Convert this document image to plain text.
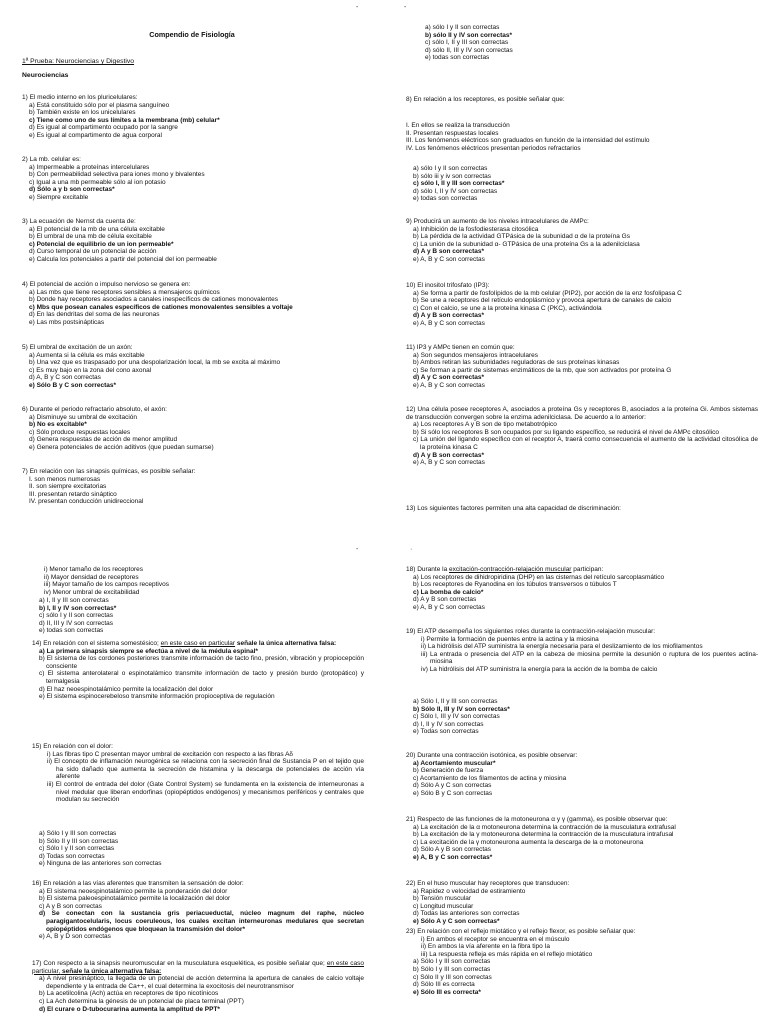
-
Compendio de Fisiología
1ª Prueba: Neurociencias y Digestivo
Neurociencias

1) El medio interno en los pluricelulares:

a) Está constituido sólo por el plasma sanguíneo
b) También existe en los unicelulares
c) Tiene como uno de sus límites a la membrana (mb) celular*
d) Es igual al compartimento ocupado por la sangre
e) Es igual al compartimento de agua corporal

2) La mb. celular es:

a) Impermeable a proteínas intercelulares
b) Con permeabilidad selectiva para iones mono y bivalentes
c) Igual a una mb permeable sólo al ion potasio
d) Sólo a y b son correctas*
e) Siempre excitable

3) La ecuación de Nernst da cuenta de:

a) El potencial de la mb de una célula excitable
b) El umbral de una mb de célula excitable
c) Potencial de equilibrio de un ion permeable*
d) Curso temporal de un potencial de acción
e) Calcula los potenciales a partir del potencial del ion permeable

4) El potencial de acción o impulso nervioso se genera en:

a) Las mbs que tiene receptores sensibles a mensajeros químicos
b) Donde hay receptores asociados a canales inespecíficos de cationes monovalentes
c) Mbs que posean canales específicos de cationes monovalentes sensibles a voltaje
d) En las dendritas del soma de las neuronas
e) Las mbs postsinápticas

5) El umbral de excitación de un axón:

a) Aumenta si la célula es más excitable
b) Una vez que es traspasado por una despolarización local, la mb se excita al máximo
c) Es muy bajo en la zona del cono axonal
d) A, B y C son correctas
e) Sólo B y C son correctas*

6) Durante el periodo refractario absoluto, el axón:

a) Disminuye su umbral de excitación
b) No es excitable*
c) Sólo produce respuestas locales
d) Genera respuestas de acción de menor amplitud
e) Genera potenciales de acción aditivos (que puedan sumarse)

7) En relación con las sinapsis químicas, es posible señalar:

I. son menos numerosas
II. son siempre excitatorias
III. presentan retardo sináptico
IV. presentan conducción unidireccional
-
a) sólo I y II son correctas
b) sólo II y IV son correctas*
c) sólo I, II y III son correctas
d) sólo II, III y IV son correctas
e) todas son correctas

8) En relación a los receptores, es posible señalar que:

I. En ellos se realiza la transducción
II. Presentan respuestas locales
III. Los fenómenos eléctricos son graduados en función de la intensidad del estímulo
IV. Los fenómenos eléctricos presentan periodos refractarios
a) sólo I y II son correctas
b) sólo iii y iv son correctas
c) sólo I, II y III son correctas*
d) sólo I, II y IV son correctas
e) todas son correctas

9) Producirá un aumento de los niveles intracelulares de AMPc:

a) Inhibición de la fosfodiesterasa citosólica
b) La pérdida de la actividad GTPásica de la subunidad α de la proteína Gs
c) La unión de la subunidad α- GTPásica de una proteína Gs a la adenilciclasa
d) A y B son correctas*
e) A, B y C son correctas

10) El inositol trifosfato (IP3):

a) Se forma a partir de fosfolípidos de la mb celular (PIP2), por acción de la enz fosfolipasa C
b) Se une a receptores del retículo endoplásmico y provoca apertura de canales de calcio
c) Con el calcio, se une a la proteína kinasa C (PKC), activándola
d) A y B son correctas*
e) A, B y C son correctas

11) IP3 y AMPc tienen en común que:

a) Son segundos mensajeros intracelulares
b) Ambos retiran las subunidades reguladoras de sus proteínas kinasas
c) Se forman a partir de sistemas enzimáticos de la mb, que son activados por proteína G
d) A y C son correctas*
e) A, B y C son correctas

12) Una célula posee receptores A, asociados a proteína Gs y receptores B, asociados a la proteína Gi. Ambos sistemas de transducción convergen sobre la enzima adenilciclasa. De acuerdo a lo anterior:

a) Los receptores A y B son de tipo metabotrópico
b) Si sólo los receptores B son ocupados por su ligando específico, se reducirá el nivel de AMPc citosólico
c) La unión del ligando específico con el receptor A, traerá como consecuencia el aumento de la actividad citosólica de la proteína kinasa C
d) A y B son correctas*
e) A, B y C son correctas

13) Los siguientes factores permiten una alta capacidad de discriminación:

-
i) Menor tamaño de los receptores
ii) Mayor densidad de receptores
iii) Mayor tamaño de los campos receptivos
iv) Menor umbral de excitabilidad
a) I, II y III son correctas
b) I, II y IV son correctas*
c) sólo I y II son correctas
d) II, III y IV son correctas
e) todas son correctas

14) En relación con el sistema somestésico; en este caso en particular señale la única alternativa falsa:

a) La primera sinapsis siempre se efectúa a nivel de la médula espinal*
b) El sistema de los cordones posteriores transmite información de tacto fino, presión, vibración y propiocepción consciente
c) El sistema anterolateral o espinotalámico transmite información de tacto y presión burdo (protopático) y termalgesia
d) El haz neoespinotalámico permite la localización del dolor
e) El sistema espinocerebeloso transmite información propioceptiva de regulación

15) En relación con el dolor:

i) Las fibras tipo C presentan mayor umbral de excitación con respecto a las fibras Aδ
ii) El concepto de inflamación neurogénica se relaciona con la secreción final de Sustancia P en el tejido que ha sido dañado que aumenta la secreción de histamina y la descarga de potenciales de acción vía aferente
iii) El control de entrada del dolor (Gate Control System) se fundamenta en la existencia de interneuronas a nivel medular que liberan endorfinas (opiopéptidos endógenos) y mecanismos periféricos y centrales que modulan su secreción
a) Sólo I y III son correctas
b) Sólo II y III son correctas
c) Sólo I y II son correctas
d) Todas son correctas
e) Ninguna de las anteriores son correctas

16) En relación a las vías aferentes que transmiten la sensación de dolor:

a) El sistema neoespinotalámico permite la ponderación del dolor
b) El sistema paleoespinotalámico permite la localización del dolor
c) A y B son correctas
d) Se conectan con la sustancia gris periacueductal, núcleo magnum del raphe, núcleo paragigantocelularis, locus coeruleous, los cuales excitan interneuronas medulares que secretan opiopéptidos endógenos que bloquean la transmisión del dolor*
e) A, B y D son correctas

17) Con respecto a la sinapsis neuromuscular en la musculatura esquelética, es posible señalar que; en este caso particular, señale la única alternativa falsa:

a) A nivel presináptico, la llegada de un potencial de acción determina la apertura de canales de calcio voltaje dependiente y la entrada de Ca++, el cual determina la exocitosis del neurotransmisor
b) La acetilcolina (Ach) actúa en receptores de tipo nicotínicos
c) La Ach determina la génesis de un potencial de placa terminal (PPT)
d) El curare o D-tubocurarina aumenta la amplitud de PPT*
·

18) Durante la excitación-contracción-relajación muscular participan:

a) Los receptores de dihidropiridina (DHP) en las cisternas del retículo sarcoplasmático
b) Los receptores de Ryanodina en los túbulos transversos o túbulos T
c) La bomba de calcio*
d) A y B son correctas
e) A, B y C son correctas

19) El ATP desempeña los siguientes roles durante la contracción-relajación muscular:

i) Permite la formación de puentes entre la actina y la miosina
ii) La hidrólisis del ATP suministra la energía necesaria para el deslizamiento de los miofilamentos
iii) La entrada o presencia del ATP en la cabeza de miosina permite la desunión o ruptura de los puentes actina-miosina
iv) La hidrólisis del ATP suministra la energía para la acción de la bomba de calcio
a) Sólo I, II y III son correctas
b) Sólo II, III y IV son correctas*
c) Sólo I, III y IV son correctas
d) I, II y IV son correctas
e) Todas son correctas

20) Durante una contracción isotónica, es posible observar:

a) Acortamiento muscular*
b) Generación de fuerza
c) Acortamiento de los filamentos de actina y miosina
d) Sólo A y C son correctas
e) Sólo B y C son correctas

21) Respecto de las funciones de la motoneurona α y γ (gamma), es posible observar que:

a) La excitación de la α motoneurona determina la contracción de la musculatura extrafusal
b) La excitación de la γ motoneurona determina la contracción de la musculatura intrafusal
c) La excitación de la γ motoneurona aumenta la descarga de la α motoneurona
d) Sólo A y B son correctas
e) A, B y C son correctas*

22) En el huso muscular hay receptores que transducen:

a) Rapidez o velocidad de estiramiento
b) Tensión muscular
c) Longitud muscular
d) Todas las anteriores son correctas
e) Sólo A y C son correctas*

23) En relación con el reflejo miotático y el reflejo flexor, es posible señalar que:

i) En ambos el receptor se encuentra en el músculo
ii) En ambos la vía aferente en la fibra tipo Ia
iii) La respuesta refleja es más rápida en el reflejo miotático
a) Sólo I y III son correctas
b) Sólo I y III son correctas
c) Sólo II y III son correctas
d) Sólo III es correcta
e) Sólo III es correcta*
